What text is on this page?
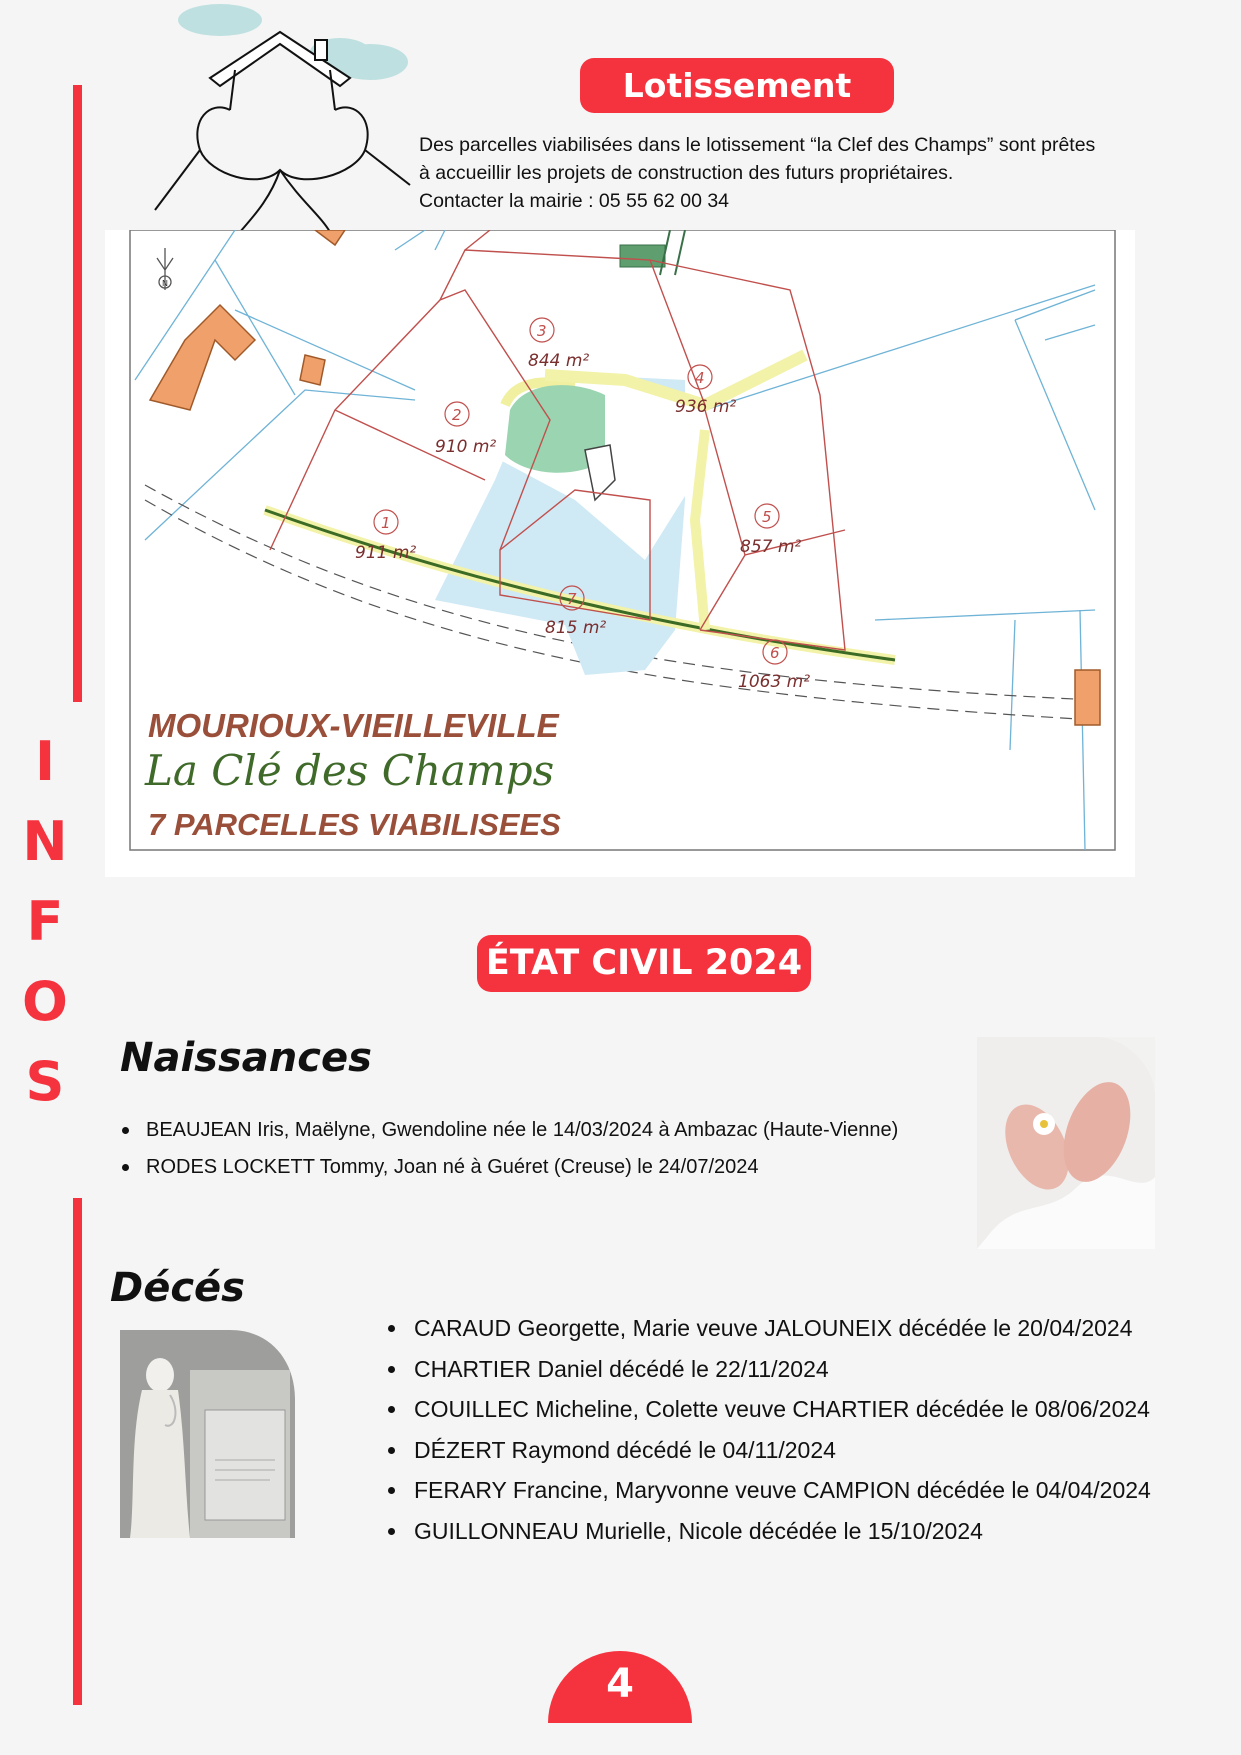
I
N
F
O
S
Lotissement
Des parcelles viabilisées dans le lotissement “la Clef des Champs” sont prêtes
à accueillir les projets de construction des futurs propriétaires.
Contacter la mairie : 05 55 62 00 34
N
3
844 m²
4
936 m²
2
910 m²
1
911 m²
5
857 m²
7
815 m²
6
1063 m²
MOURIOUX-VIEILLEVILLE
La Clé des Champs
7 PARCELLES VIABILISEES
ÉTAT CIVIL 2024
Naissances
BEAUJEAN Iris, Maëlyne, Gwendoline née le 14/03/2024 à Ambazac (Haute-Vienne)
RODES LOCKETT Tommy, Joan né à Guéret (Creuse) le 24/07/2024
Décés
CARAUD Georgette, Marie veuve JALOUNEIX décédée le 20/04/2024
CHARTIER Daniel décédé le 22/11/2024
COUILLEC Micheline, Colette veuve CHARTIER décédée le 08/06/2024
DÉZERT Raymond décédé le 04/11/2024
FERARY Francine, Maryvonne veuve CAMPION décédée le 04/04/2024
GUILLONNEAU Murielle, Nicole décédée le 15/10/2024
4
